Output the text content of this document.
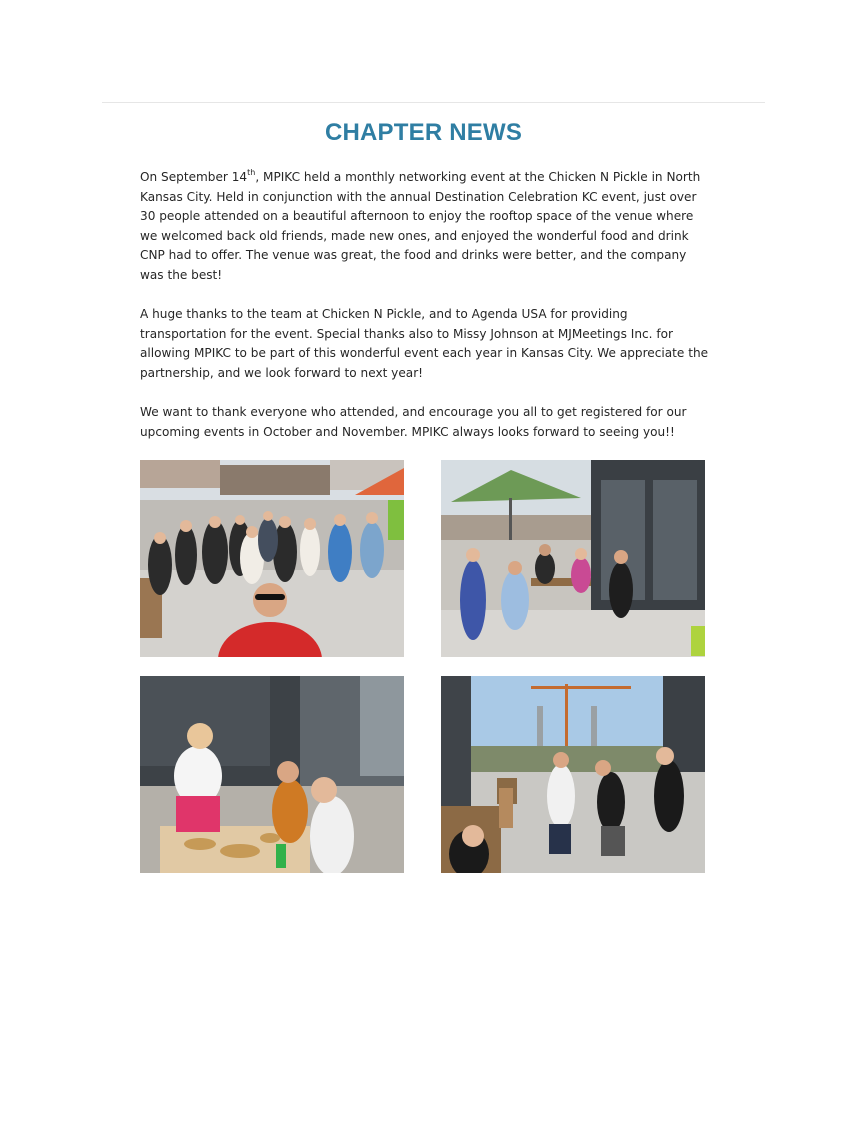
CHAPTER NEWS

On September 14th, MPIKC held a monthly networking event at the Chicken N Pickle in North Kansas City. Held in conjunction with the annual Destination Celebration KC event, just over 30 people attended on a beautiful afternoon to enjoy the rooftop space of the venue where we welcomed back old friends, made new ones, and enjoyed the wonderful food and drink CNP had to offer. The venue was great, the food and drinks were better, and the company was the best!

A huge thanks to the team at Chicken N Pickle, and to Agenda USA for providing transportation for the event. Special thanks also to Missy Johnson at MJMeetings Inc. for allowing MPIKC to be part of this wonderful event each year in Kansas City. We appreciate the partnership, and we look forward to next year!

We want to thank everyone who attended, and encourage you all to get registered for our upcoming events in October and November. MPIKC always looks forward to seeing you!!
